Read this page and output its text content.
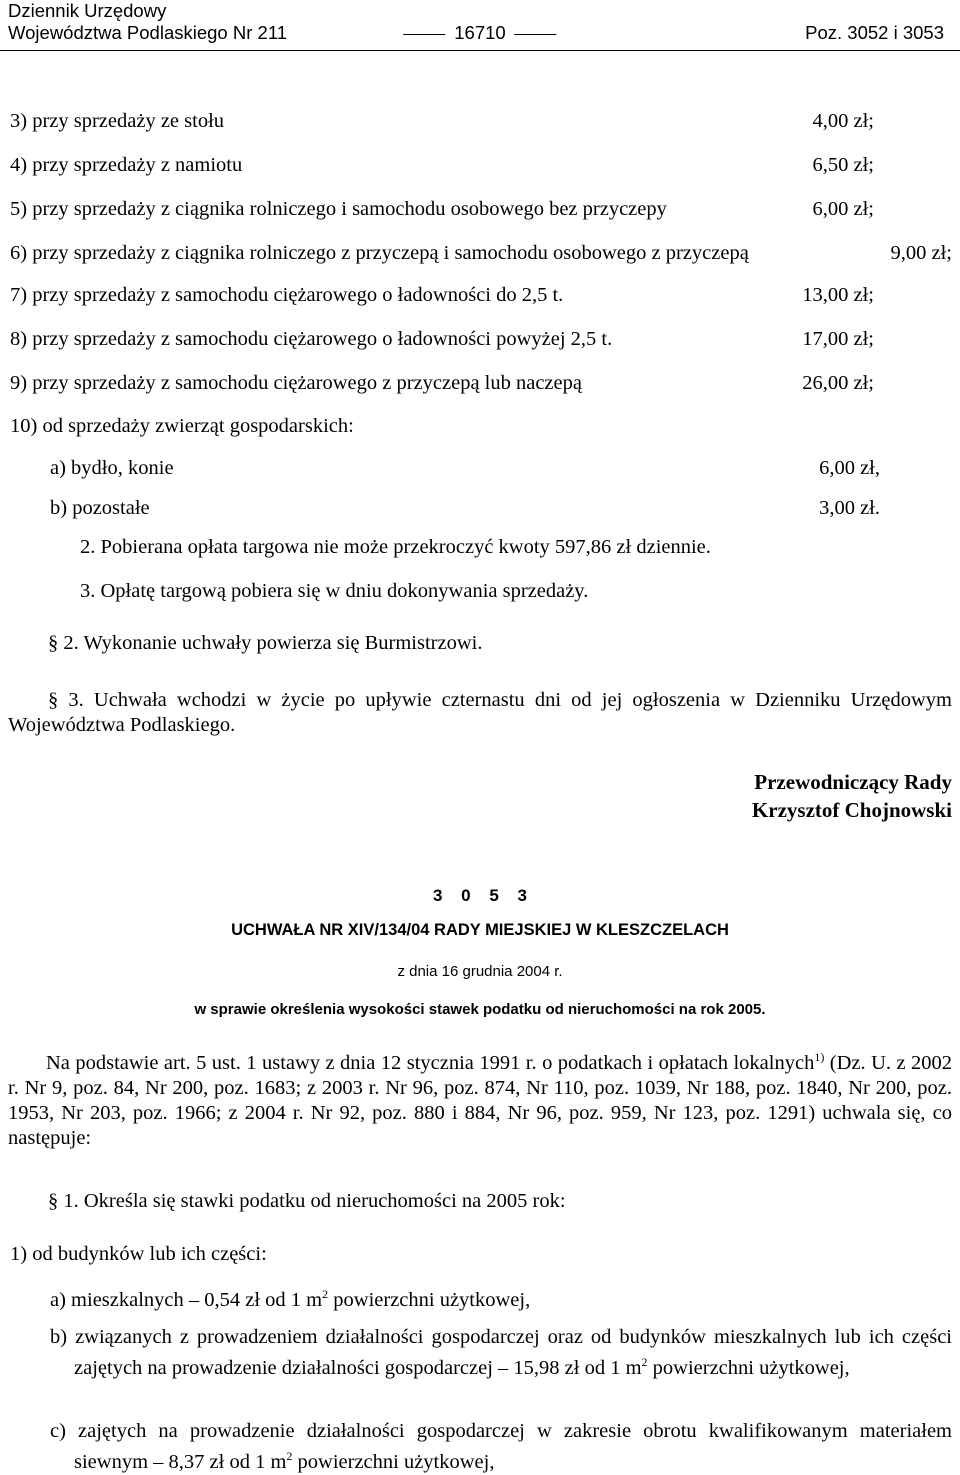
Dziennik Urzędowy
Województwa Podlaskiego Nr 211	16710	Poz. 3052 i 3053
3) przy sprzedaży ze stołu	4,00 zł;
4) przy sprzedaży z namiotu	6,50 zł;
5) przy sprzedaży z ciągnika rolniczego i samochodu osobowego bez przyczepy	6,00 zł;
6) przy sprzedaży z ciągnika rolniczego z przyczepą i samochodu osobowego z przyczepą	9,00 zł;
7) przy sprzedaży z samochodu ciężarowego o ładowności do 2,5 t.	13,00 zł;
8) przy sprzedaży z samochodu ciężarowego o ładowności powyżej 2,5 t.	17,00 zł;
9) przy sprzedaży z samochodu ciężarowego z przyczepą lub naczepą	26,00 zł;
10) od sprzedaży zwierząt gospodarskich:
a) bydło, konie	6,00 zł,
b) pozostałe	3,00 zł.
2. Pobierana opłata targowa nie może przekroczyć kwoty 597,86 zł dziennie.
3. Opłatę targową pobiera się w dniu dokonywania sprzedaży.
§ 2. Wykonanie uchwały powierza się Burmistrzowi.
§ 3. Uchwała wchodzi w życie po upływie czternastu dni od jej ogłoszenia w Dzienniku Urzędowym Województwa Podlaskiego.
Przewodniczący Rady
Krzysztof Chojnowski
3 0 5 3
UCHWAŁA NR XIV/134/04 RADY MIEJSKIEJ W KLESZCZELACH
z dnia 16 grudnia 2004 r.
w sprawie określenia wysokości stawek podatku od nieruchomości na rok 2005.
Na podstawie art. 5 ust. 1 ustawy z dnia 12 stycznia 1991 r. o podatkach i opłatach lokalnych$^{1)}$ (Dz. U. z 2002 r. Nr 9, poz. 84, Nr 200, poz. 1683; z 2003 r. Nr 96, poz. 874, Nr 110, poz. 1039, Nr 188, poz. 1840, Nr 200, poz. 1953, Nr 203, poz. 1966; z 2004 r. Nr 92, poz. 880 i 884, Nr 96, poz. 959, Nr 123, poz. 1291) uchwala się, co następuje:
§ 1. Określa się stawki podatku od nieruchomości na 2005 rok:
1) od budynków lub ich części:
a) mieszkalnych – 0,54 zł od 1 $m^2$ powierzchni użytkowej,
b) związanych z prowadzeniem działalności gospodarczej oraz od budynków mieszkalnych lub ich części zajętych na prowadzenie działalności gospodarczej – 15,98 zł od 1 $m^2$ powierzchni użytkowej,
c) zajętych na prowadzenie działalności gospodarczej w zakresie obrotu kwalifikowanym materiałem siewnym – 8,37 zł od 1 $m^2$ powierzchni użytkowej,
